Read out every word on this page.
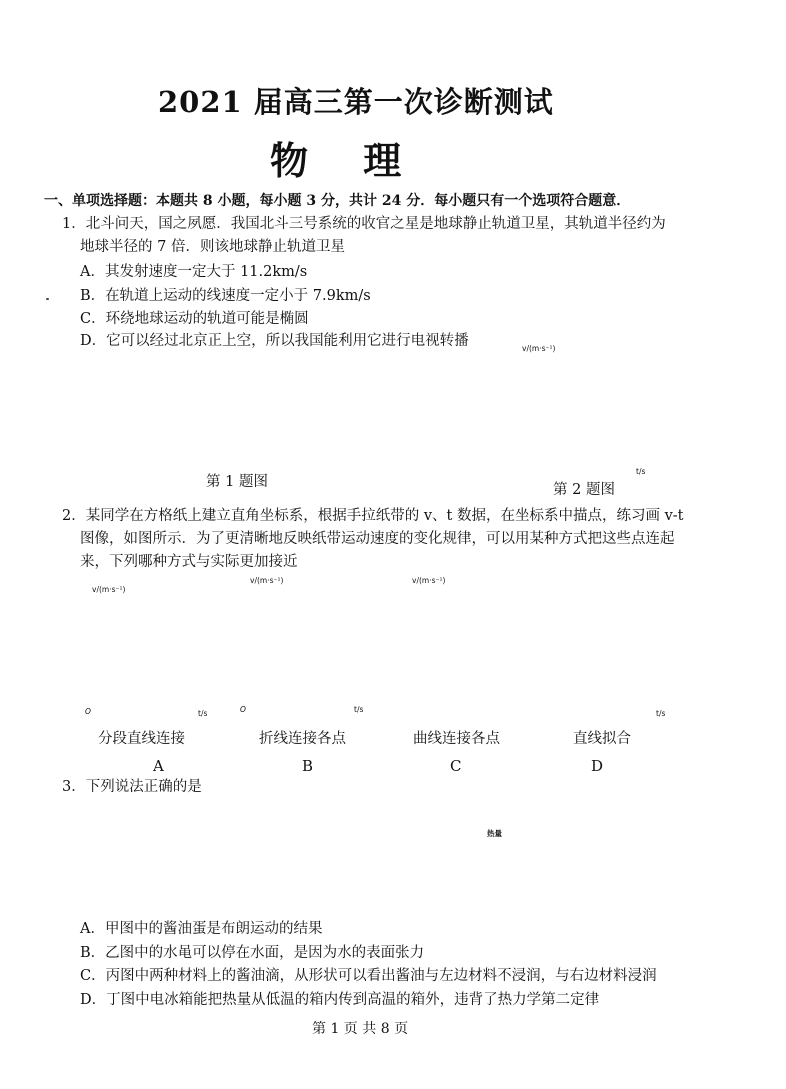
2021 届高三第一次诊断测试
物 理
一、单项选择题：本题共 8 小题，每小题 3 分，共计 24 分．每小题只有一个选项符合题意．
1．北斗问天，国之夙愿．我国北斗三号系统的收官之星是地球静止轨道卫星，其轨道半径约为
地球半径的 7 倍．则该地球静止轨道卫星
A．其发射速度一定大于 11.2km/s
B．在轨道上运动的线速度一定小于 7.9km/s
C．环绕地球运动的轨道可能是椭圆
D．它可以经过北京正上空，所以我国能利用它进行电视转播	v/(m·s⁻¹)
第 1 题图
t/s
第 2 题图
2．某同学在方格纸上建立直角坐标系，根据手拉纸带的 v、t 数据，在坐标系中描点，练习画 v-t
图像，如图所示．为了更清晰地反映纸带运动速度的变化规律，可以用某种方式把这些点连起
来，下列哪种方式与实际更加接近
v/(m·s⁻¹)	v/(m·s⁻¹)
v/(m·s⁻¹)
O	t/s	O	t/s	t/s
分段直线连接	折线连接各点	曲线连接各点	直线拟合
A	B	C	D
3．下列说法正确的是
热量
A．甲图中的酱油蛋是布朗运动的结果
B．乙图中的水黾可以停在水面，是因为水的表面张力
C．丙图中两种材料上的酱油滴，从形状可以看出酱油与左边材料不浸润，与右边材料浸润
D．丁图中电冰箱能把热量从低温的箱内传到高温的箱外，违背了热力学第二定律
第 1 页 共 8 页
